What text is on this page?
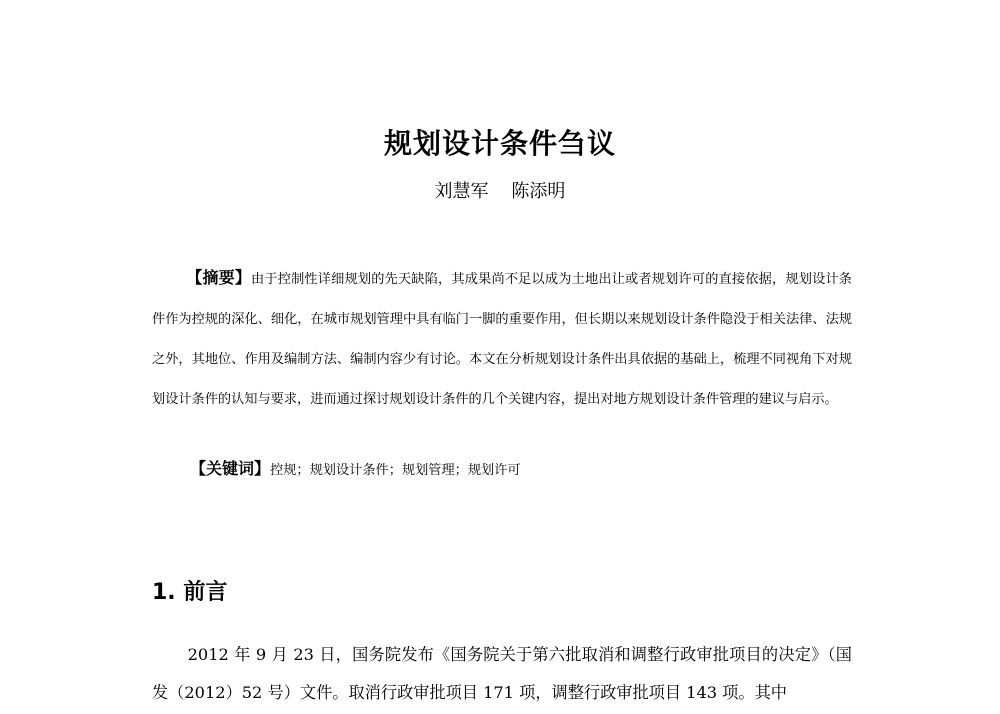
规划设计条件刍议
刘慧军    陈添明
【摘要】由于控制性详细规划的先天缺陷，其成果尚不足以成为土地出让或者规划许可的直接依据，规划设计条件作为控规的深化、细化，在城市规划管理中具有临门一脚的重要作用，但长期以来规划设计条件隐没于相关法律、法规之外，其地位、作用及编制方法、编制内容少有讨论。本文在分析规划设计条件出具依据的基础上，梳理不同视角下对规划设计条件的认知与要求，进而通过探讨规划设计条件的几个关键内容，提出对地方规划设计条件管理的建议与启示。
【关键词】控规；规划设计条件；规划管理；规划许可
1. 前言
2012 年 9 月 23 日，国务院发布《国务院关于第六批取消和调整行政审批项目的决定》（国发（2012）52 号）文件。取消行政审批项目 171 项，调整行政审批项目 143 项。其中
